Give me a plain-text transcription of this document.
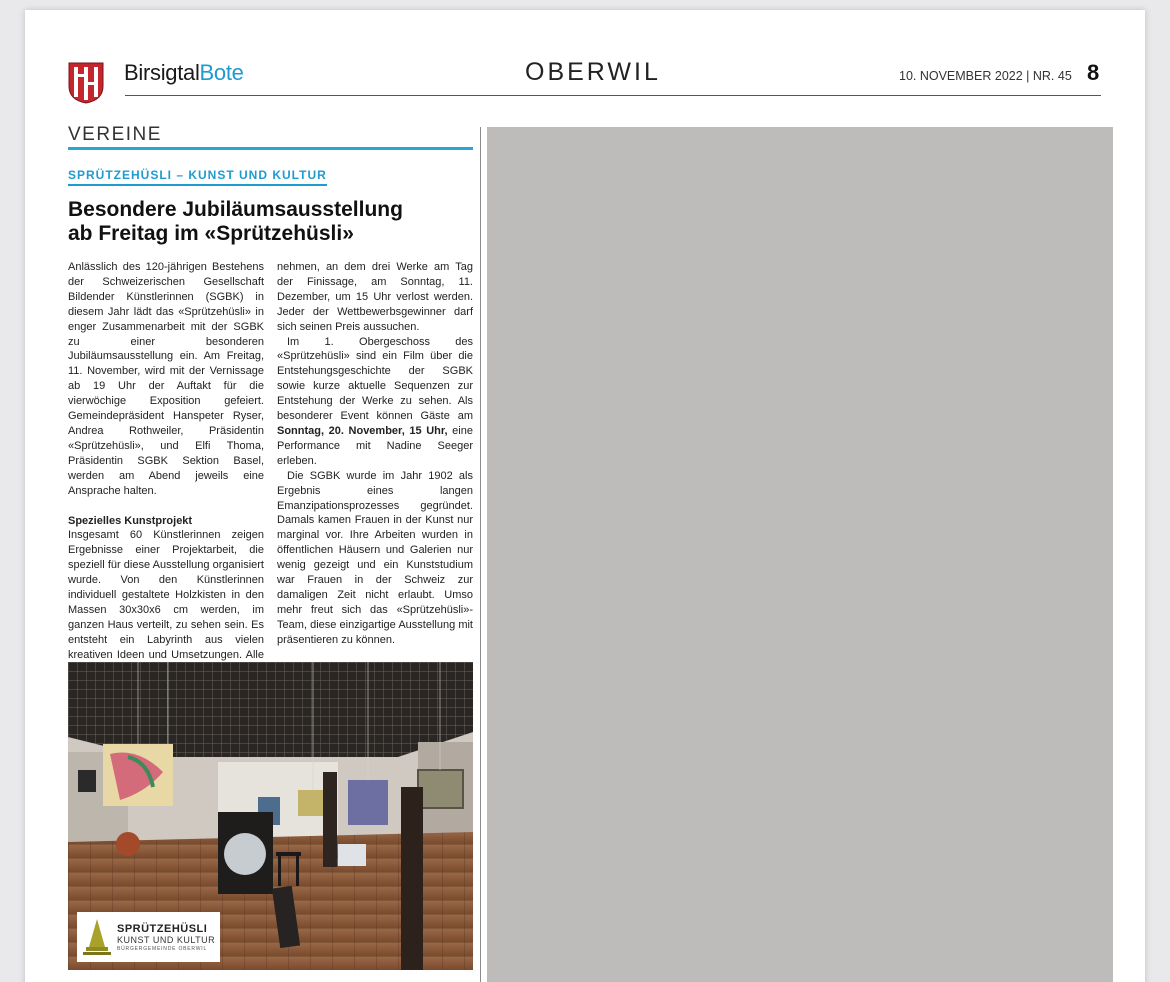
BirsigtalBote	OBERWIL	10. NOVEMBER 2022 | NR. 45 8
VEREINE
SPRÜTZEHÜSLI – KUNST UND KULTUR
Besondere Jubiläumsausstellung
ab Freitag im «Sprützehüsli»

Anlässlich des 120-jährigen Bestehens der Schweizerischen Gesellschaft Bildender Künstlerinnen (SGBK) in diesem Jahr lädt das «Sprützehüsli» in enger Zusammenarbeit mit der SGBK zu einer besonderen Jubiläumsausstellung ein. Am Freitag, 11. November, wird mit der Vernissage ab 19 Uhr der Auftakt für die vierwöchige Exposition gefeiert. Gemeindepräsident Hanspeter Ryser, Andrea Rothweiler, Präsidentin «Sprützehüsli», und Elfi Thoma, Präsidentin SGBK Sektion Basel, werden am Abend jeweils eine Ansprache halten.

Spezielles Kunstprojekt

Insgesamt 60 Künstlerinnen zeigen Ergebnisse einer Projektarbeit, die speziell für diese Ausstellung organisiert wurde. Von den Künstlerinnen individuell gestaltete Holzkisten in den Massen 30x30x6 cm werden, im ganzen Haus verteilt, zu sehen sein. Es entsteht ein Labyrinth aus vielen kreativen Ideen und Umsetzungen. Alle

nehmen, an dem drei Werke am Tag der Finissage, am Sonntag, 11. Dezember, um 15 Uhr verlost werden. Jeder der Wettbewerbsgewinner darf sich seinen Preis aussuchen.

Im 1. Obergeschoss des «Sprützehüsli» sind ein Film über die Entstehungsgeschichte der SGBK sowie kurze aktuelle Sequenzen zur Entstehung der Werke zu sehen. Als besonderer Event können Gäste am Sonntag, 20. November, 15 Uhr, eine Performance mit Nadine Seeger erleben.

Die SGBK wurde im Jahr 1902 als Ergebnis eines langen Emanzipationsprozesses gegründet. Damals kamen Frauen in der Kunst nur marginal vor. Ihre Arbeiten wurden in öffentlichen Häusern und Galerien nur wenig gezeigt und ein Kunststudium war Frauen in der Schweiz zur damaligen Zeit nicht erlaubt. Umso mehr freut sich das «Sprützehüsli»-Team, diese einzigartige Ausstellung mit präsentieren zu können.

SPRÜTZEHÜSLI
KUNST UND KULTUR
BÜRGERGEMEINDE OBERWIL
